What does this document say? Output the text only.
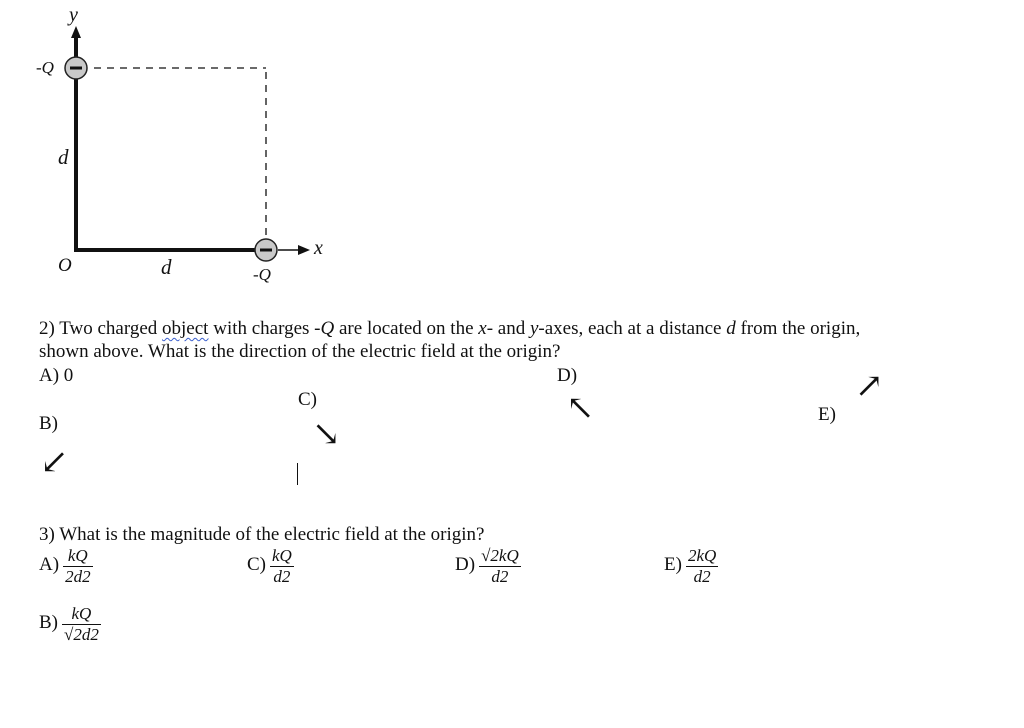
y
x
O
-Q
-Q
d
d
2) Two charged object with charges -Q are located on the x- and y-axes, each at a distance d from the origin,
shown above. What is the direction of the electric field at the origin?
A) 0
B)
C)
D)
E)
↙
↘
↖
↗
3) What is the magnitude of the electric field at the origin?
$A) \frac{kQ}{2d2}$
$B) \frac{kQ}{√2d2}$
$C) \frac{kQ}{d2}$	$D) \frac{√2kQ}{d2}$	$E) \frac{2kQ}{d2}$
